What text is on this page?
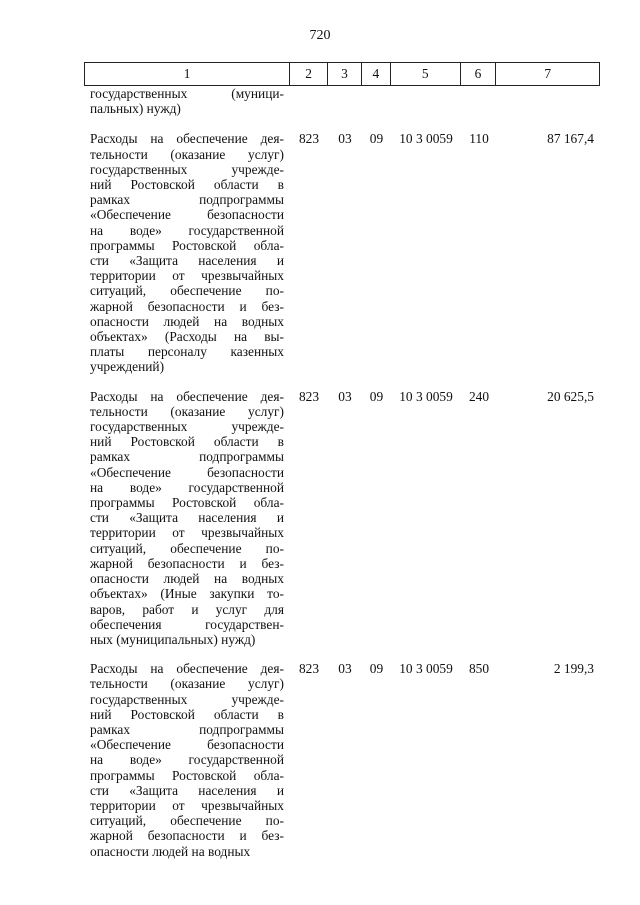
720
1	2	3	4	5	6	7
государственных (муници-
пальных) нужд)
Расходы на обеспечение дея-
тельности (оказание услуг)
государственных учрежде-
ний Ростовской области в
рамках подпрограммы
«Обеспечение безопасности
на воде» государственной
программы Ростовской обла-
сти «Защита населения и
территории от чрезвычайных
ситуаций, обеспечение по-
жарной безопасности и без-
опасности людей на водных
объектах» (Расходы на вы-
платы персоналу казенных
учреждений)
823	03	09	10 3 0059	110	87 167,4
Расходы на обеспечение дея-
тельности (оказание услуг)
государственных учрежде-
ний Ростовской области в
рамках подпрограммы
«Обеспечение безопасности
на воде» государственной
программы Ростовской обла-
сти «Защита населения и
территории от чрезвычайных
ситуаций, обеспечение по-
жарной безопасности и без-
опасности людей на водных
объектах» (Иные закупки то-
варов, работ и услуг для
обеспечения государствен-
ных (муниципальных) нужд)
823	03	09	10 3 0059	240	20 625,5
Расходы на обеспечение дея-
тельности (оказание услуг)
государственных учрежде-
ний Ростовской области в
рамках подпрограммы
«Обеспечение безопасности
на воде» государственной
программы Ростовской обла-
сти «Защита населения и
территории от чрезвычайных
ситуаций, обеспечение по-
жарной безопасности и без-
опасности людей на водных
823	03	09	10 3 0059	850	2 199,3
